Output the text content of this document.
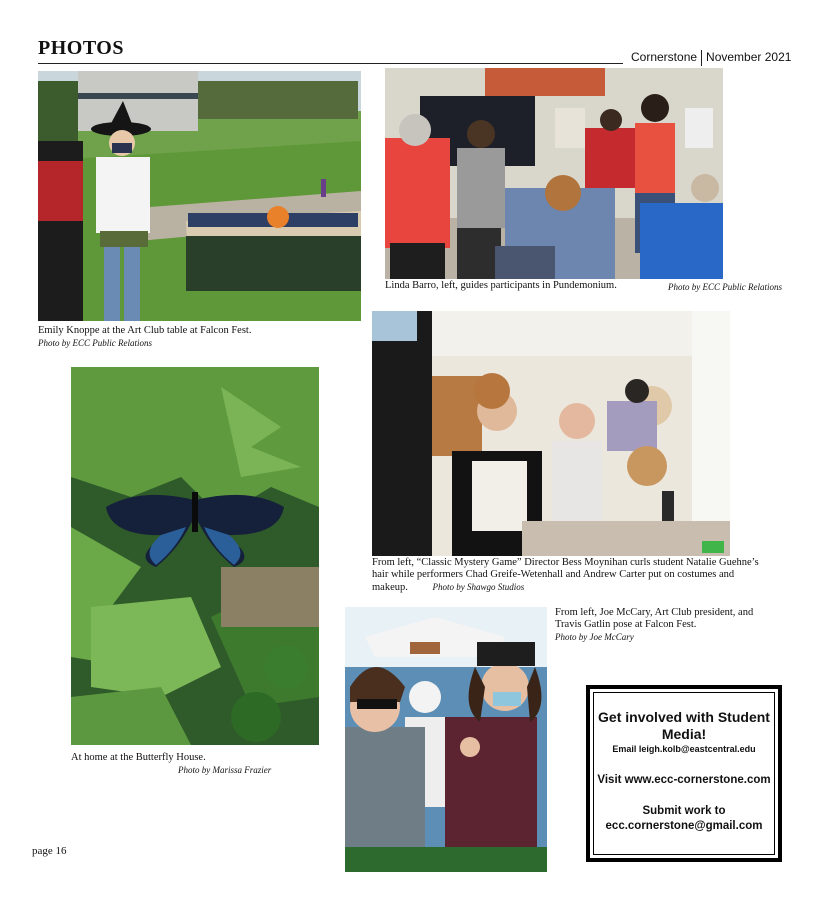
PHOTOS	Cornerstone November 2021
Emily Knoppe at the Art Club table at Falcon Fest.
Photo by ECC Public Relations
Linda Barro, left, guides participants in Pundemonium.	Photo by ECC Public Relations
At home at the Butterfly House.
Photo by Marissa Frazier
From left, “Classic Mystery Game” Director Bess Moynihan curls student Natalie Guehne’s hair while performers Chad Greife-Wetenhall and Andrew Carter put on costumes and makeup.	Photo by Shawgo Studios
From left, Joe McCary, Art Club president, and Travis Gatlin pose at Falcon Fest.
Photo by Joe McCary
Get involved with Student Media!
Email leigh.kolb@eastcentral.edu
Visit www.ecc-cornerstone.com
Submit work to
ecc.cornerstone@gmail.com
page 16
